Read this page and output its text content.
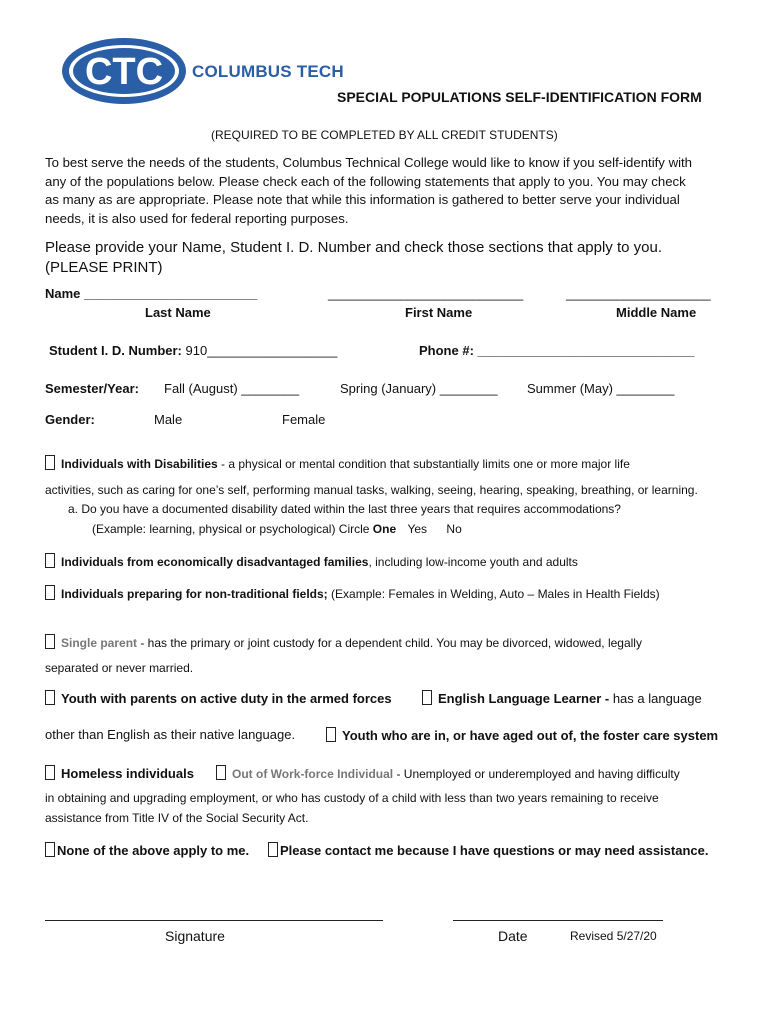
CTC COLUMBUS TECH
SPECIAL POPULATIONS SELF-IDENTIFICATION FORM
(REQUIRED TO BE COMPLETED BY ALL CREDIT STUDENTS)
To best serve the needs of the students, Columbus Technical College would like to know if you self-identify with
any of the populations below. Please check each of the following statements that apply to you. You may check
as many as are appropriate. Please note that while this information is gathered to better serve your individual
needs, it is also used for federal reporting purposes.
Please provide your Name, Student I. D. Number and check those sections that apply to you.
(PLEASE PRINT)
Name ________________________	___________________________	____________________
Last Name	First Name	Middle Name
Student I. D. Number: 910__________________	Phone #: ______________________________
Semester/Year: Fall (August) ________	Spring (January) ________ Summer (May) ________
Gender:	Male	Female
Individuals with Disabilities - a physical or mental condition that substantially limits one or more major life
activities, such as caring for one’s self, performing manual tasks, walking, seeing, hearing, speaking, breathing, or learning.
a. Do you have a documented disability dated within the last three years that requires accommodations?
(Example: learning, physical or psychological) Circle One Yes No
Individuals from economically disadvantaged families, including low-income youth and adults
Individuals preparing for non-traditional fields; (Example: Females in Welding, Auto – Males in Health Fields)
Single parent - has the primary or joint custody for a dependent child. You may be divorced, widowed, legally
separated or never married.
Youth with parents on active duty in the armed forces	English Language Learner - has a language
other than English as their native language.	Youth who are in, or have aged out of, the foster care system
Homeless individuals	Out of Work-force Individual - Unemployed or underemployed and having difficulty
in obtaining and upgrading employment, or who has custody of a child with less than two years remaining to receive
assistance from Title IV of the Social Security Act.
None of the above apply to me.	Please contact me because I have questions or may need assistance.
Signature	Date	Revised 5/27/20
